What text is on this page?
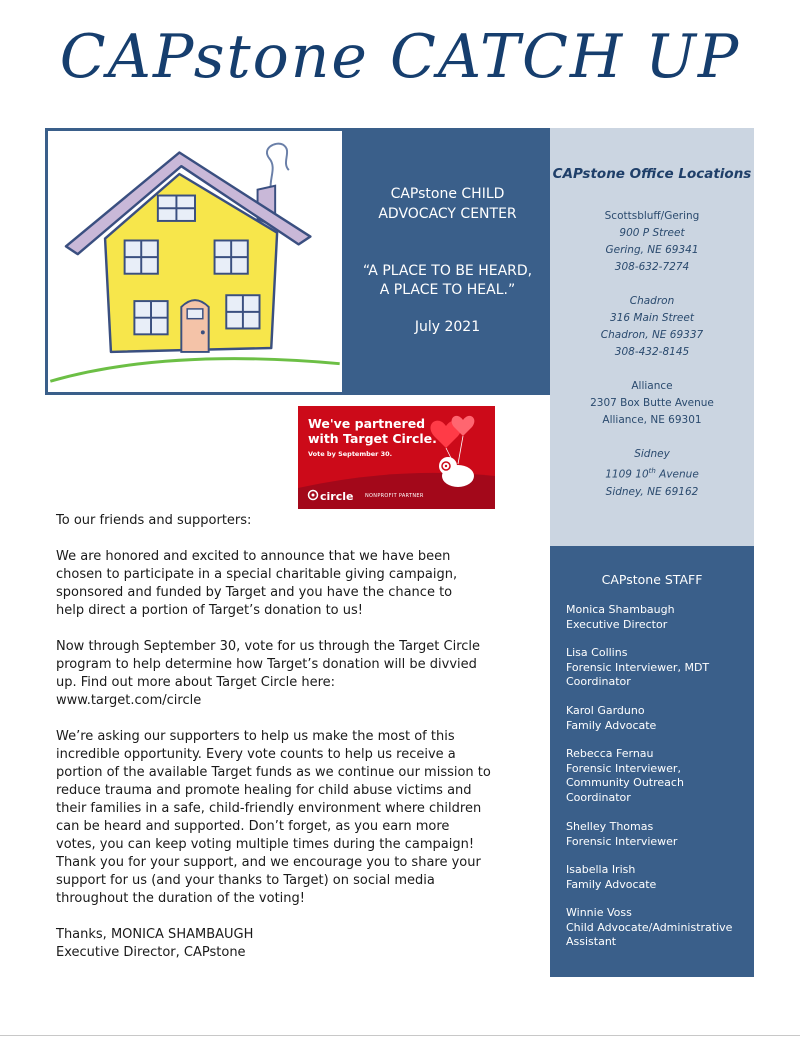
CAPstone CATCH UP
CAPstone CHILD
ADVOCACY CENTER
“A PLACE TO BE HEARD,
A PLACE TO HEAL.”
July 2021
CAPstone Office Locations
Scottsbluff/Gering
900 P Street
Gering, NE 69341
308-632-7274
Chadron
316 Main Street
Chadron, NE 69337
308-432-8145
Alliance
2307 Box Butte Avenue
Alliance, NE 69301
Sidney
1109 10th Avenue
Sidney, NE 69162
We've partnered
with Target Circle.
Vote by September 30.
circle NONPROFIT PARTNER

To our friends and supporters:

We are honored and excited to announce that we have been
chosen to participate in a special charitable giving campaign,
sponsored and funded by Target and you have the chance to
help direct a portion of Target’s donation to us!

Now through September 30, vote for us through the Target Circle
program to help determine how Target’s donation will be divvied
up. Find out more about Target Circle here:
www.target.com/circle

We’re asking our supporters to help us make the most of this
incredible opportunity. Every vote counts to help us receive a
portion of the available Target funds as we continue our mission to
reduce trauma and promote healing for child abuse victims and
their families in a safe, child-friendly environment where children
can be heard and supported. Don’t forget, as you earn more
votes, you can keep voting multiple times during the campaign!
Thank you for your support, and we encourage you to share your
support for us (and your thanks to Target) on social media
throughout the duration of the voting!

Thanks, MONICA SHAMBAUGH
Executive Director, CAPstone

CAPstone STAFF
Monica Shambaugh
Executive Director
Lisa Collins
Forensic Interviewer, MDT
Coordinator
Karol Garduno
Family Advocate
Rebecca Fernau
Forensic Interviewer,
Community Outreach
Coordinator
Shelley Thomas
Forensic Interviewer
Isabella Irish
Family Advocate
Winnie Voss
Child Advocate/Administrative
Assistant
